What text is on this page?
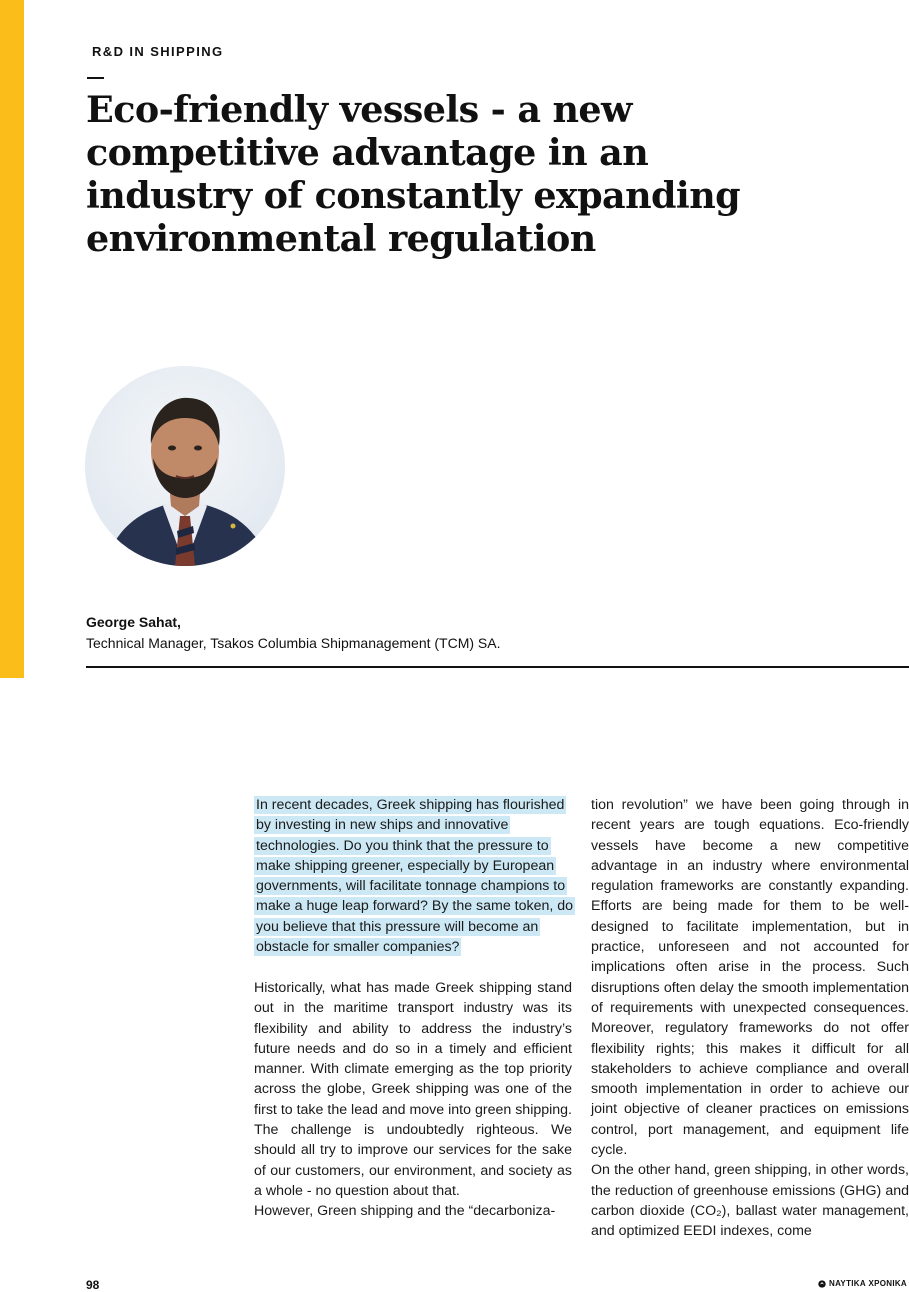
R&D IN SHIPPING
Eco-friendly vessels - a new competitive advantage in an industry of constantly expanding environmental regulation
George Sahat,
Technical Manager, Tsakos Columbia Shipmanagement (TCM) SA.
In recent decades, Greek shipping has flourished by investing in new ships and innovative technologies. Do you think that the pressure to make shipping greener, especially by European governments, will facilitate tonnage champions to make a huge leap forward? By the same token, do you believe that this pressure will become an obstacle for smaller companies?

Historically, what has made Greek shipping stand out in the maritime transport industry was its flexibility and ability to address the industry’s future needs and do so in a timely and efficient manner. With climate emerging as the top priority across the globe, Greek shipping was one of the first to take the lead and move into green shipping. The challenge is undoubtedly righteous. We should all try to improve our services for the sake of our customers, our environment, and society as a whole - no question about that.

However, Green shipping and the “decarboniza-

tion revolution” we have been going through in recent years are tough equations. Eco-friendly vessels have become a new competitive advantage in an industry where environmental regulation frameworks are constantly expanding. Efforts are being made for them to be well-designed to facilitate implementation, but in practice, unforeseen and not accounted for implications often arise in the process. Such disruptions often delay the smooth implementation of requirements with unexpected consequences. Moreover, regulatory frameworks do not offer flexibility rights; this makes it difficult for all stakeholders to achieve compliance and overall smooth implementation in order to achieve our joint objective of cleaner practices on emissions control, port management, and equipment life cycle.

On the other hand, green shipping, in other words, the reduction of greenhouse emissions (GHG) and carbon dioxide (CO₂), ballast water management, and optimized EEDI indexes, come

98	ΝΑΥΤΙΚΑ ΧΡΟΝΙΚΑ
